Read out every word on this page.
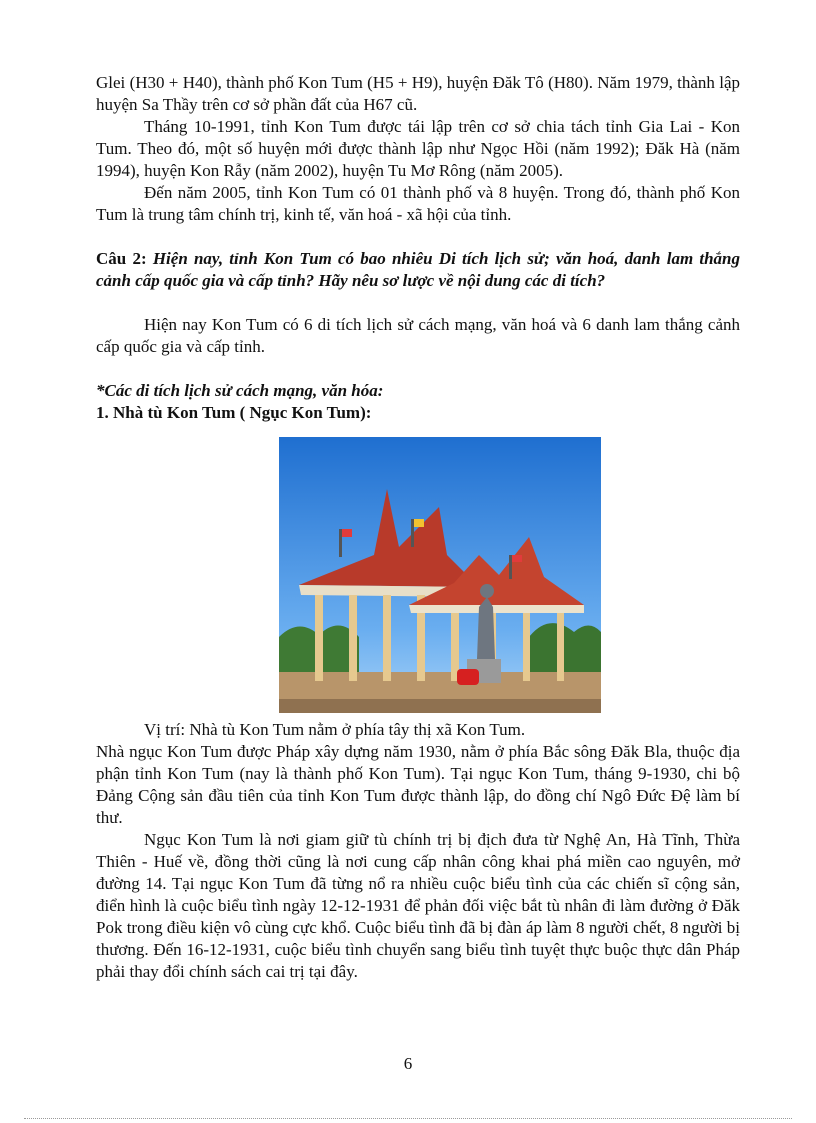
Glei (H30 + H40), thành phố Kon Tum (H5 + H9), huyện Đăk Tô (H80). Năm 1979, thành lập huyện Sa Thầy trên cơ sở phần đất của H67 cũ.

Tháng 10-1991, tỉnh Kon Tum được tái lập trên cơ sở chia tách tỉnh Gia Lai - Kon Tum. Theo đó, một số huyện mới được thành lập như Ngọc Hồi (năm 1992); Đăk Hà (năm 1994), huyện Kon Rẫy (năm 2002), huyện Tu Mơ Rông (năm 2005).

Đến năm 2005, tỉnh Kon Tum có 01 thành phố và 8 huyện. Trong đó, thành phố Kon Tum là trung tâm chính trị, kinh tế, văn hoá - xã hội của tỉnh.

Câu 2: Hiện nay, tỉnh Kon Tum có bao nhiêu Di tích lịch sử; văn hoá, danh lam thắng cảnh cấp quốc gia và cấp tỉnh? Hãy nêu sơ lược về nội dung các di tích?

Hiện nay Kon Tum có 6 di tích lịch sử cách mạng, văn hoá và 6 danh lam thắng cảnh cấp quốc gia và cấp tỉnh.

*Các di tích lịch sử cách mạng, văn hóa:

1. Nhà tù Kon Tum ( Ngục Kon Tum):

Vị trí: Nhà tù Kon Tum nằm ở phía tây thị xã Kon Tum.

Nhà ngục Kon Tum được Pháp xây dựng năm 1930, nằm ở phía Bắc sông Đăk Bla, thuộc địa phận tỉnh Kon Tum (nay là thành phố Kon Tum). Tại ngục Kon Tum, tháng 9-1930, chi bộ Đảng Cộng sản đầu tiên của tỉnh Kon Tum được thành lập, do đồng chí Ngô Đức Đệ làm bí thư.

Ngục Kon Tum là nơi giam giữ tù chính trị bị địch đưa từ Nghệ An, Hà Tĩnh, Thừa Thiên - Huế về, đồng thời cũng là nơi cung cấp nhân công khai phá miền cao nguyên, mở đường 14. Tại ngục Kon Tum đã từng nổ ra nhiều cuộc biểu tình của các chiến sĩ cộng sản, điển hình là cuộc biểu tình ngày 12-12-1931 để phản đối việc bắt tù nhân đi làm đường ở Đăk Pok trong điều kiện vô cùng cực khổ. Cuộc biểu tình đã bị đàn áp làm 8 người chết, 8 người bị thương. Đến 16-12-1931, cuộc biểu tình chuyển sang biểu tình tuyệt thực buộc thực dân Pháp phải thay đổi chính sách cai trị tại đây.

6
